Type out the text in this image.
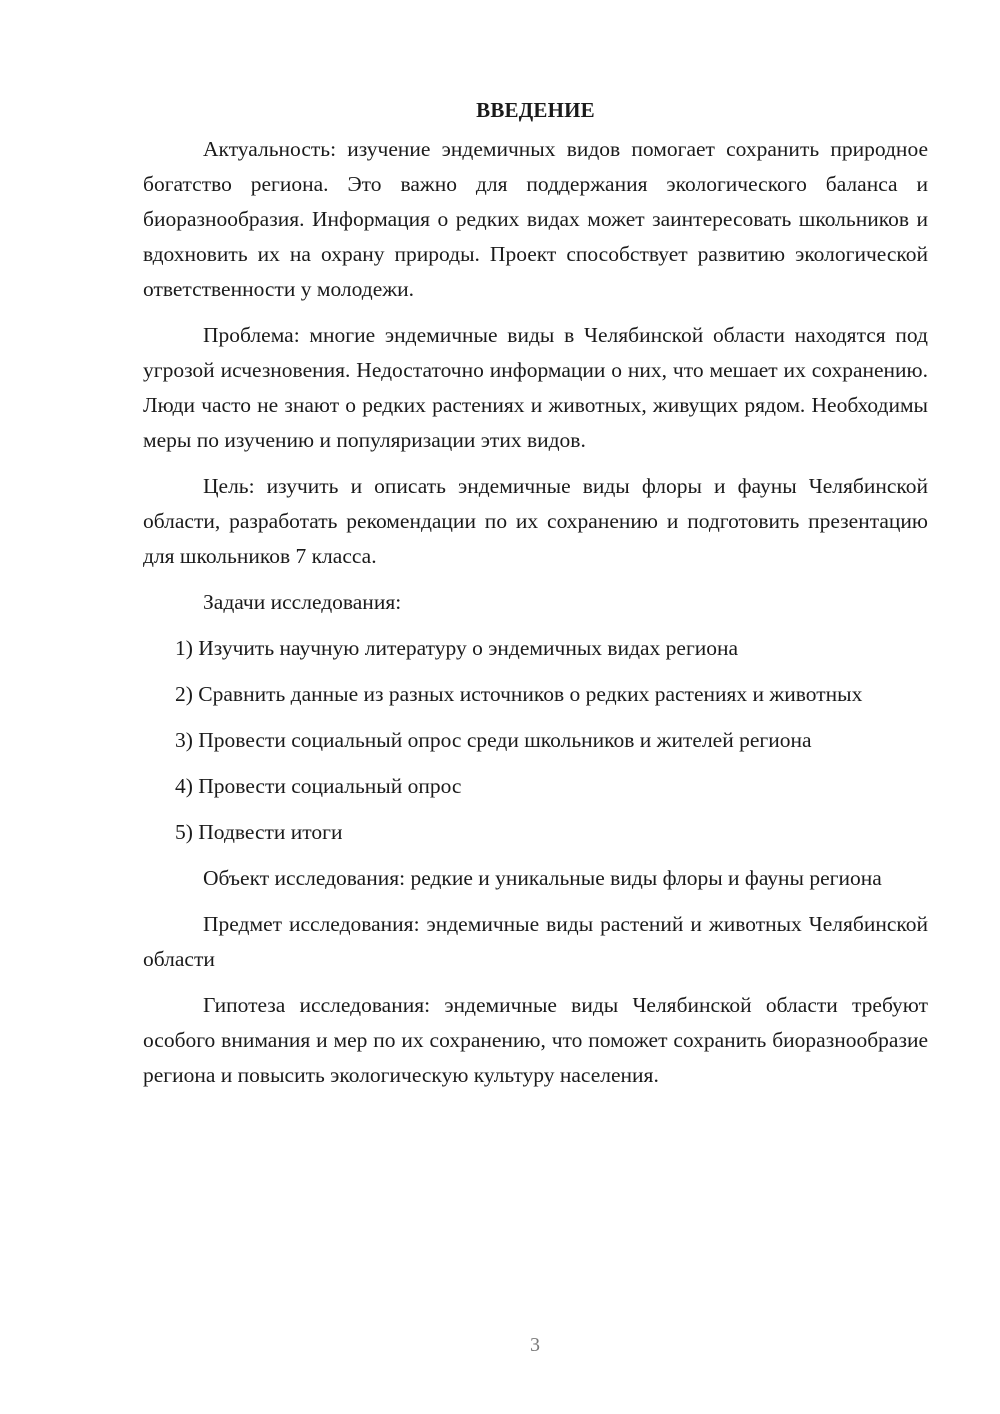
ВВЕДЕНИЕ

Актуальность: изучение эндемичных видов помогает сохранить природное богатство региона. Это важно для поддержания экологического баланса и биоразнообразия. Информация о редких видах может заинтересовать школьников и вдохновить их на охрану природы. Проект способствует развитию экологической ответственности у молодежи.

Проблема: многие эндемичные виды в Челябинской области находятся под угрозой исчезновения. Недостаточно информации о них, что мешает их сохранению. Люди часто не знают о редких растениях и животных, живущих рядом. Необходимы меры по изучению и популяризации этих видов.

Цель: изучить и описать эндемичные виды флоры и фауны Челябинской области, разработать рекомендации по их сохранению и подготовить презентацию для школьников 7 класса.

Задачи исследования:

1) Изучить научную литературу о эндемичных видах региона

2) Сравнить данные из разных источников о редких растениях и животных

3) Провести социальный опрос среди школьников и жителей региона

4) Провести социальный опрос

5) Подвести итоги

Объект исследования: редкие и уникальные виды флоры и фауны региона

Предмет исследования: эндемичные виды растений и животных Челябинской области

Гипотеза исследования: эндемичные виды Челябинской области требуют особого внимания и мер по их сохранению, что поможет сохранить биоразнообразие региона и повысить экологическую культуру населения.

3
